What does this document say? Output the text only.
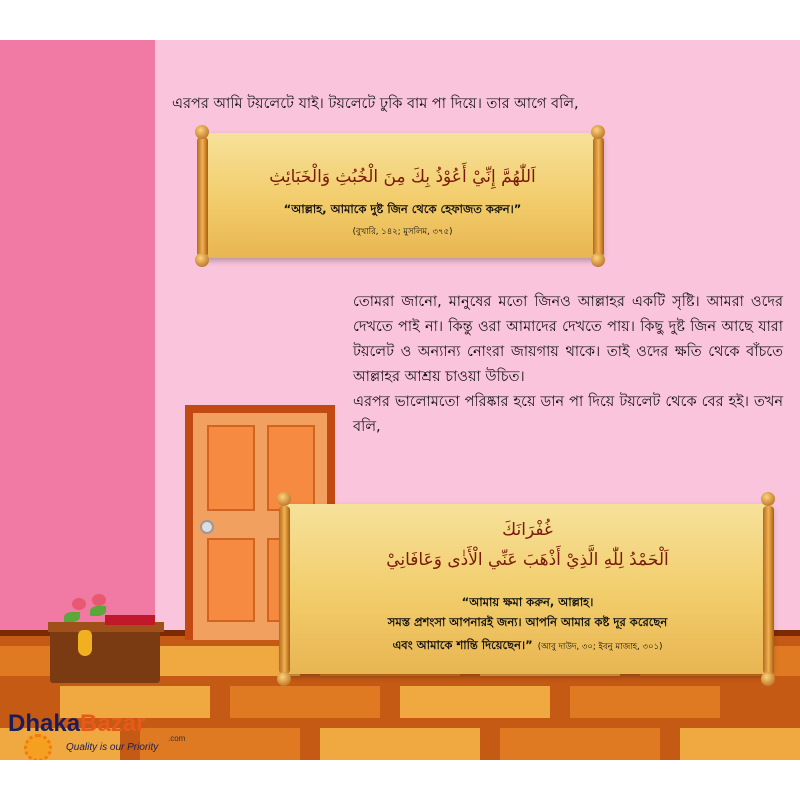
এরপর আমি টয়লেটে যাই। টয়লেটে ঢুকি বাম পা দিয়ে। তার আগে বলি,
اَللّٰهُمَّ إِنِّيْ أَعُوْذُ بِكَ مِنَ الْخُبُثِ وَالْخَبَائِثِ
“আল্লাহ, আমাকে দুষ্ট জিন থেকে হেফাজত করুন।”
(বুখারি, ১৪২; মুসলিম, ৩৭৫)
তোমরা জানো, মানুষের মতো জিনও আল্লাহর একটি সৃষ্টি। আমরা ওদের দেখতে পাই না। কিন্তু ওরা আমাদের দেখতে পায়। কিছু দুষ্ট জিন আছে যারা টয়লেট ও অন্যান্য নোংরা জায়গায় থাকে। তাই ওদের ক্ষতি থেকে বাঁচতে আল্লাহর আশ্রয় চাওয়া উচিত।
এরপর ভালোমতো পরিষ্কার হয়ে ডান পা দিয়ে টয়লেট থেকে বের হই। তখন বলি,
غُفْرَانَكَ
اَلْحَمْدُ لِلّٰهِ الَّذِيْ أَذْهَبَ عَنِّي الْأَذٰى وَعَافَانِيْ
“আমায় ক্ষমা করুন, আল্লাহ।
সমস্ত প্রশংসা আপনারই জন্য। আপনি আমার কষ্ট দূর করেছেন
এবং আমাকে শান্তি দিয়েছেন।” (আবু দাউদ, ৩০; ইবনু মাজাহ, ৩০১)
DhakaBazar
.com
Quality is our Priority
